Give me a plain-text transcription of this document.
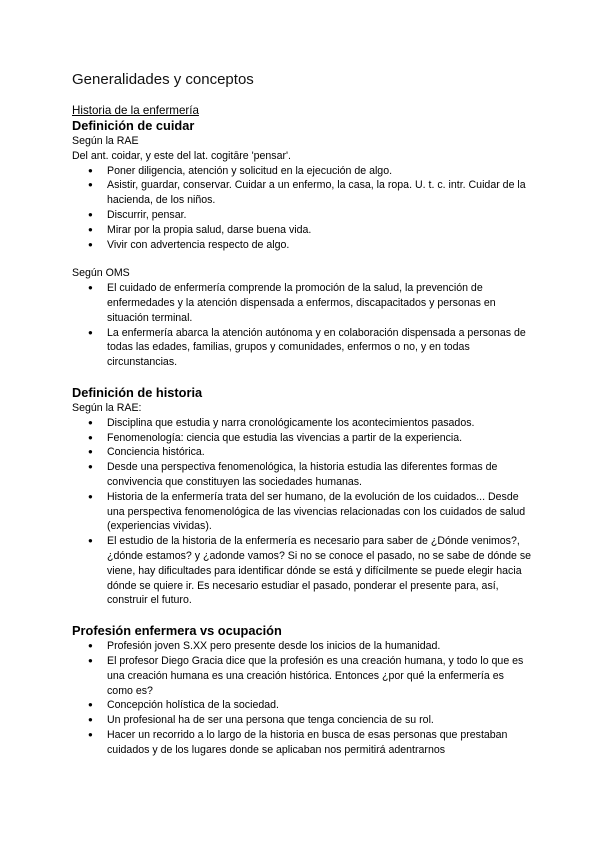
Generalidades y conceptos

Historia de la enfermería

Definición de cuidar

Según la RAE

Del ant. coidar, y este del lat. cogitāre 'pensar'.

● Poner diligencia, atención y solicitud en la ejecución de algo.
● Asistir, guardar, conservar. Cuidar a un enfermo, la casa, la ropa. U. t. c. intr. Cuidar de la hacienda, de los niños.
● Discurrir, pensar.
● Mirar por la propia salud, darse buena vida.
● Vivir con advertencia respecto de algo.

Según OMS

● El cuidado de enfermería comprende la promoción de la salud, la prevención de enfermedades y la atención dispensada a enfermos, discapacitados y personas en situación terminal.
● La enfermería abarca la atención autónoma y en colaboración dispensada a personas de todas las edades, familias, grupos y comunidades, enfermos o no, y en todas circunstancias.
Definición de historia

Según la RAE:

● Disciplina que estudia y narra cronológicamente los acontecimientos pasados.
● Fenomenología: ciencia que estudia las vivencias a partir de la experiencia.
● Conciencia histórica.
● Desde una perspectiva fenomenológica, la historia estudia las diferentes formas de convivencia que constituyen las sociedades humanas.
● Historia de la enfermería trata del ser humano, de la evolución de los cuidados... Desde una perspectiva fenomenológica de las vivencias relacionadas con los cuidados de salud (experiencias vividas).
● El estudio de la historia de la enfermería es necesario para saber de ¿Dónde venimos?, ¿dónde estamos? y ¿adonde vamos? Si no se conoce el pasado, no se sabe de dónde se viene, hay dificultades para identificar dónde se está y difícilmente se puede elegir hacia dónde se quiere ir. Es necesario estudiar el pasado, ponderar el presente para, así, construir el futuro.
Profesión enfermera vs ocupación
● Profesión joven S.XX pero presente desde los inicios de la humanidad.
● El profesor Diego Gracia dice que la profesión es una creación humana, y todo lo que es una creación humana es una creación histórica. Entonces ¿por qué la enfermería es como es?
● Concepción holística de la sociedad.
● Un profesional ha de ser una persona que tenga conciencia de su rol.
● Hacer un recorrido a lo largo de la historia en busca de esas personas que prestaban cuidados y de los lugares donde se aplicaban nos permitirá adentrarnos
